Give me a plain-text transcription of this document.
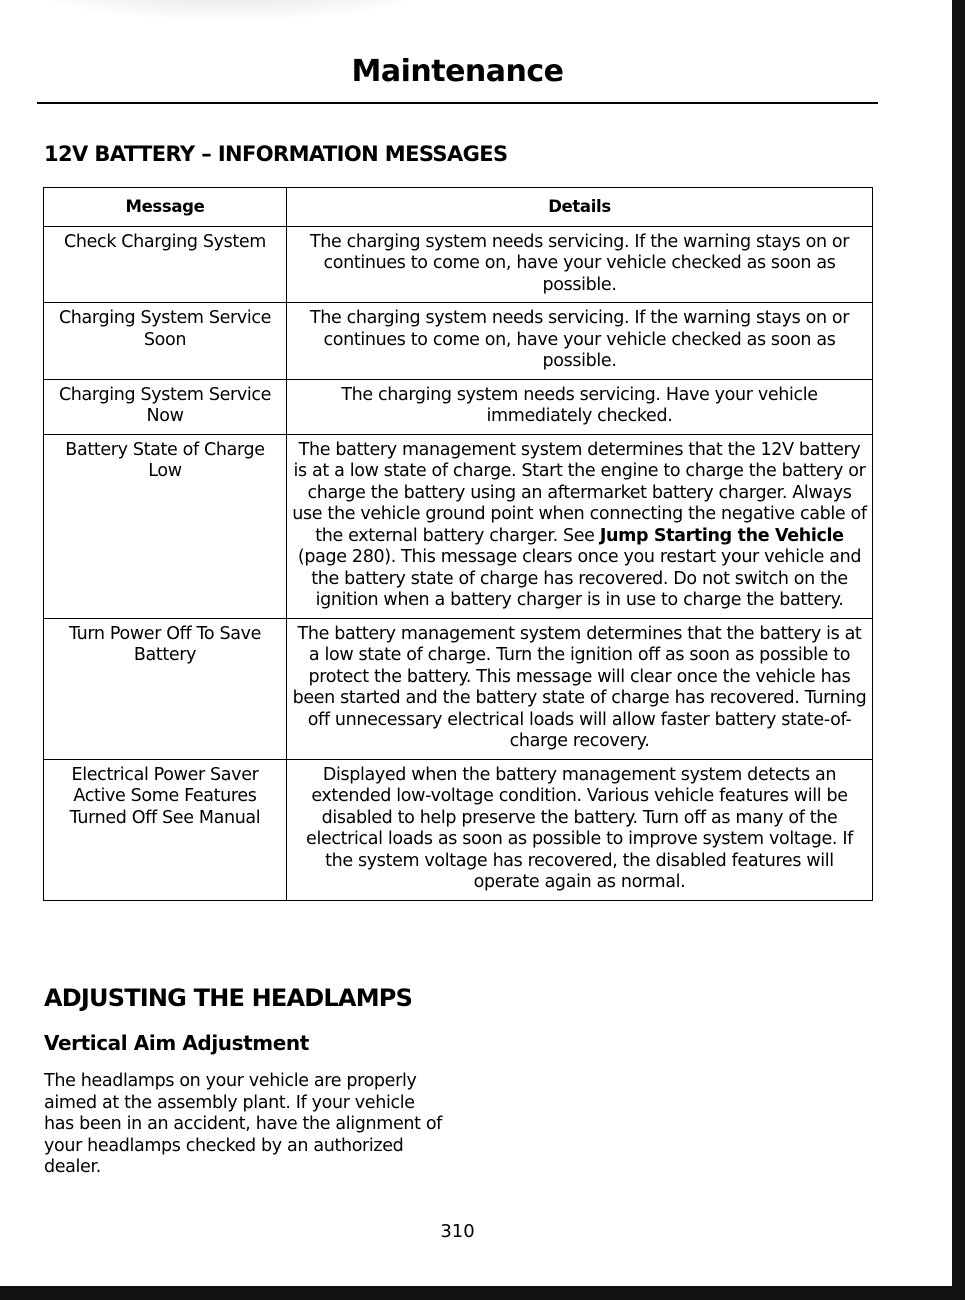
Maintenance
12V BATTERY – INFORMATION MESSAGES
Message	Details
Check Charging System	The charging system needs servicing. If the warning stays on or continues to come on, have your vehicle checked as soon as possible.
Charging System Service Soon	The charging system needs servicing. If the warning stays on or continues to come on, have your vehicle checked as soon as possible.
Charging System Service Now	The charging system needs servicing. Have your vehicle immediately checked.
Battery State of Charge Low	The battery management system determines that the 12V battery is at a low state of charge. Start the engine to charge the battery or charge the battery using an aftermarket battery charger. Always use the vehicle ground point when connecting the negative cable of the external battery charger. See Jump Starting the Vehicle (page 280). This message clears once you restart your vehicle and the battery state of charge has recovered. Do not switch on the ignition when a battery charger is in use to charge the battery.
Turn Power Off To Save Battery	The battery management system determines that the battery is at a low state of charge. Turn the ignition off as soon as possible to protect the battery. This message will clear once the vehicle has been started and the battery state of charge has recovered. Turning off unnecessary electrical loads will allow faster battery state-of-charge recovery.
Electrical Power Saver Active Some Features Turned Off See Manual	Displayed when the battery management system detects an extended low-voltage condition. Various vehicle features will be disabled to help preserve the battery. Turn off as many of the electrical loads as soon as possible to improve system voltage. If the system voltage has recovered, the disabled features will operate again as normal.
ADJUSTING THE HEADLAMPS
Vertical Aim Adjustment
The headlamps on your vehicle are properly aimed at the assembly plant. If your vehicle has been in an accident, have the alignment of your headlamps checked by an authorized dealer.
310
